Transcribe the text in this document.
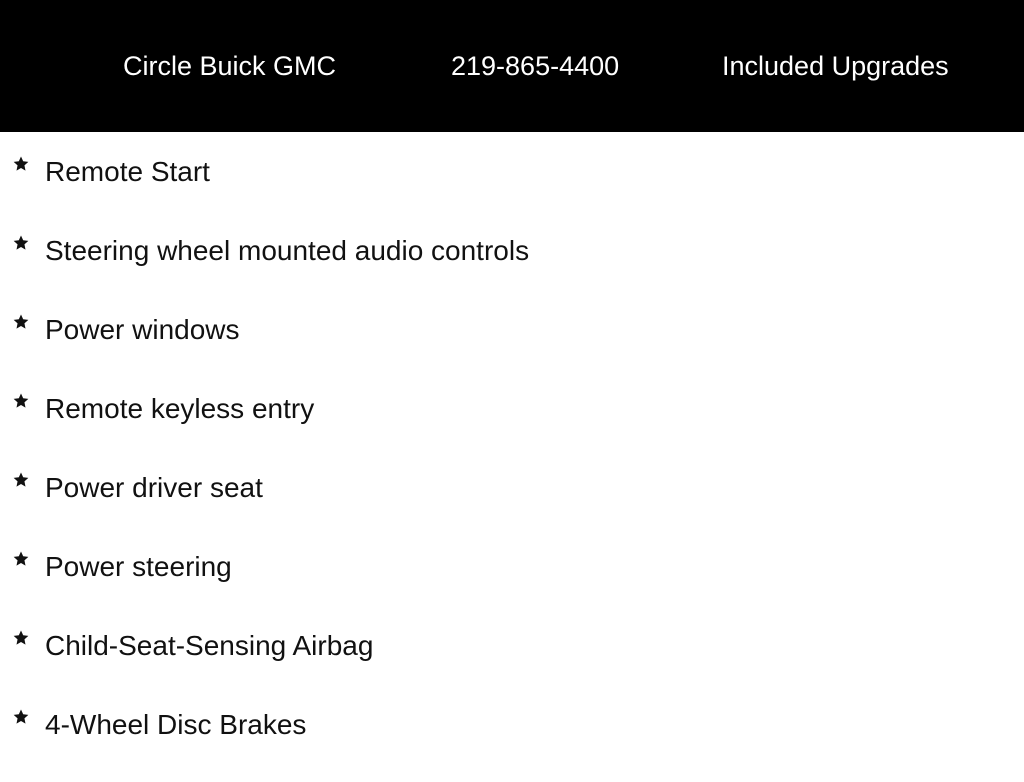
Circle Buick GMC	219-865-4400	Included Upgrades
Remote Start
Steering wheel mounted audio controls
Power windows
Remote keyless entry
Power driver seat
Power steering
Child-Seat-Sensing Airbag
4-Wheel Disc Brakes
